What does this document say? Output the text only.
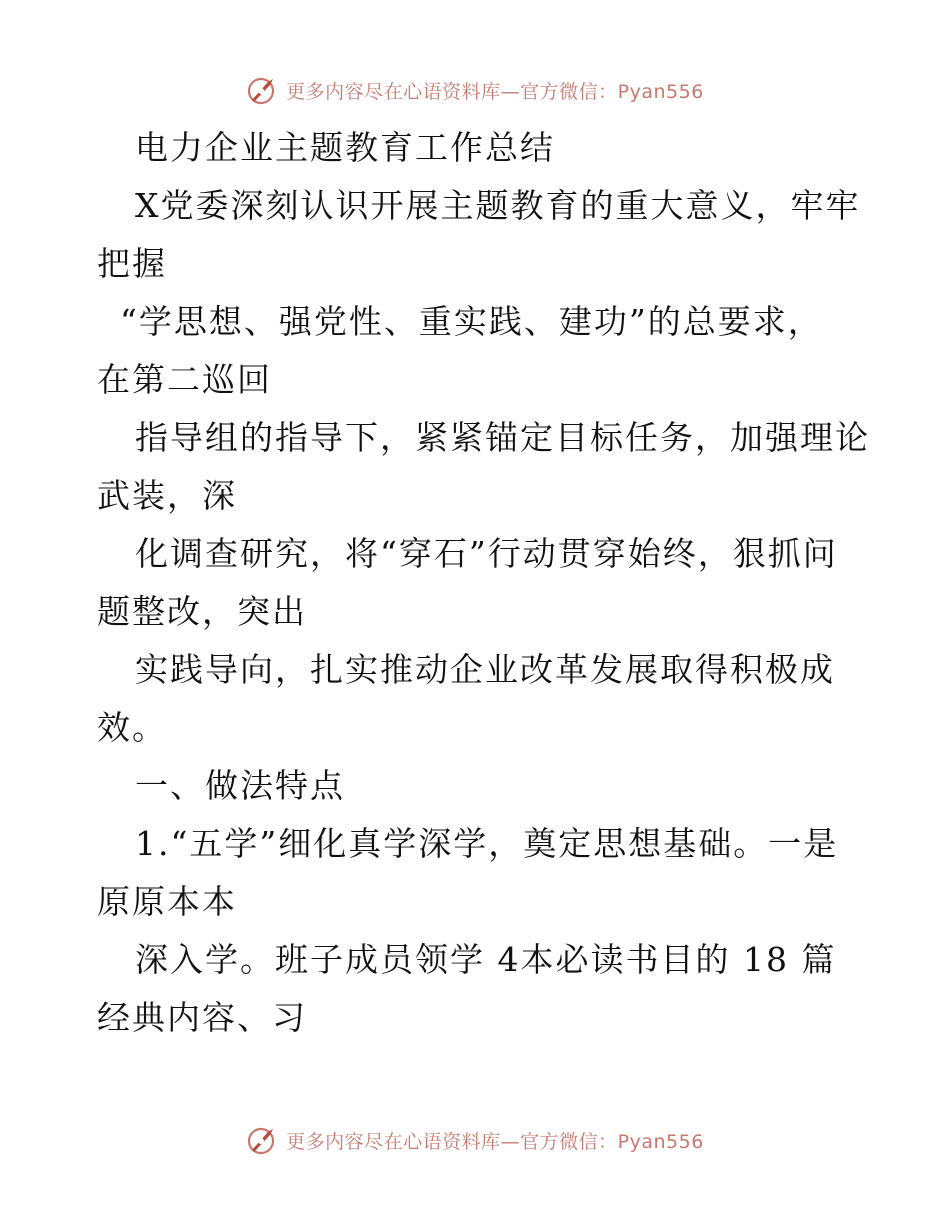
更多内容尽在心语资料库—官方微信：Pyan556
电力企业主题教育工作总结
X党委深刻认识开展主题教育的重大意义，牢牢
把握
“学思想、强党性、重实践、建功”的总要求，
在第二巡回
指导组的指导下，紧紧锚定目标任务，加强理论
武装，深
化调查研究，将“穿石”行动贯穿始终，狠抓问
题整改，突出
实践导向，扎实推动企业改革发展取得积极成
效。
一、做法特点
1.“五学”细化真学深学，奠定思想基础。一是
原原本本
深入学。班子成员领学 4本必读书目的 18 篇
经典内容、习
更多内容尽在心语资料库—官方微信：Pyan556
